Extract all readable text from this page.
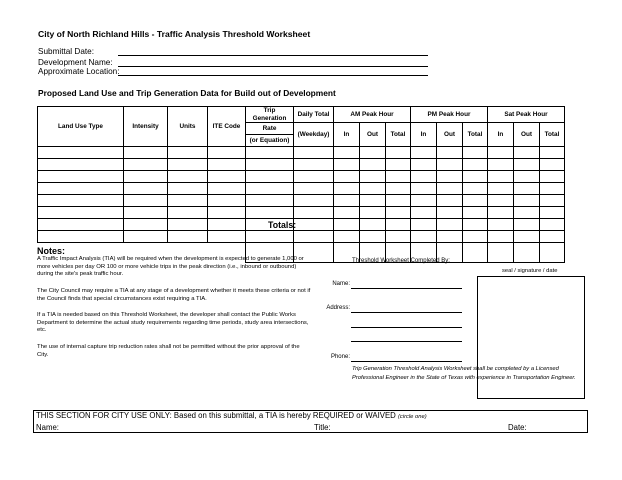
City of North Richland Hills - Traffic Analysis Threshold Worksheet
Submittal Date:
Development Name:
Approximate Location:
Proposed Land Use and Trip Generation Data for Build out of Development
Land Use Type	Intensity	Units	ITE Code	Trip Generation	Daily Total	AM Peak Hour			PM Peak Hour			Sat Peak Hour		
				Rate	(Weekday)	In	Out	Total	In	Out	Total	In	Out	Total
				(or Equation)										

Totals:
Notes:
A Traffic Impact Analysis (TIA) will be required when the development is expected to generate 1,000 or more vehicles per day OR 100 or more vehicle trips in the peak direction (i.e., inbound or outbound) during the site's peak traffic hour.
The City Council may require a TIA at any stage of a development whether it meets these criteria or not if the Council finds that special circumstances exist requiring a TIA.
If a TIA is needed based on this Threshold Worksheet, the developer shall contact the Public Works Department to determine the actual study requirements regarding time periods, study area intersections, etc.
The use of internal capture trip reduction rates shall not be permitted without the prior approval of the City.
Threshold Worksheet Completed By:
Name:
Address:
Phone:
seal / signature / date
Trip Generation Threshold Analysis Worksheet shall be completed by a Licensed Professional Engineer in the State of Texas with experience in Transportation Engineer.
THIS SECTION FOR CITY USE ONLY: Based on this submittal, a TIA is hereby REQUIRED or WAIVED (circle one)
Name:	Title:	Date:
